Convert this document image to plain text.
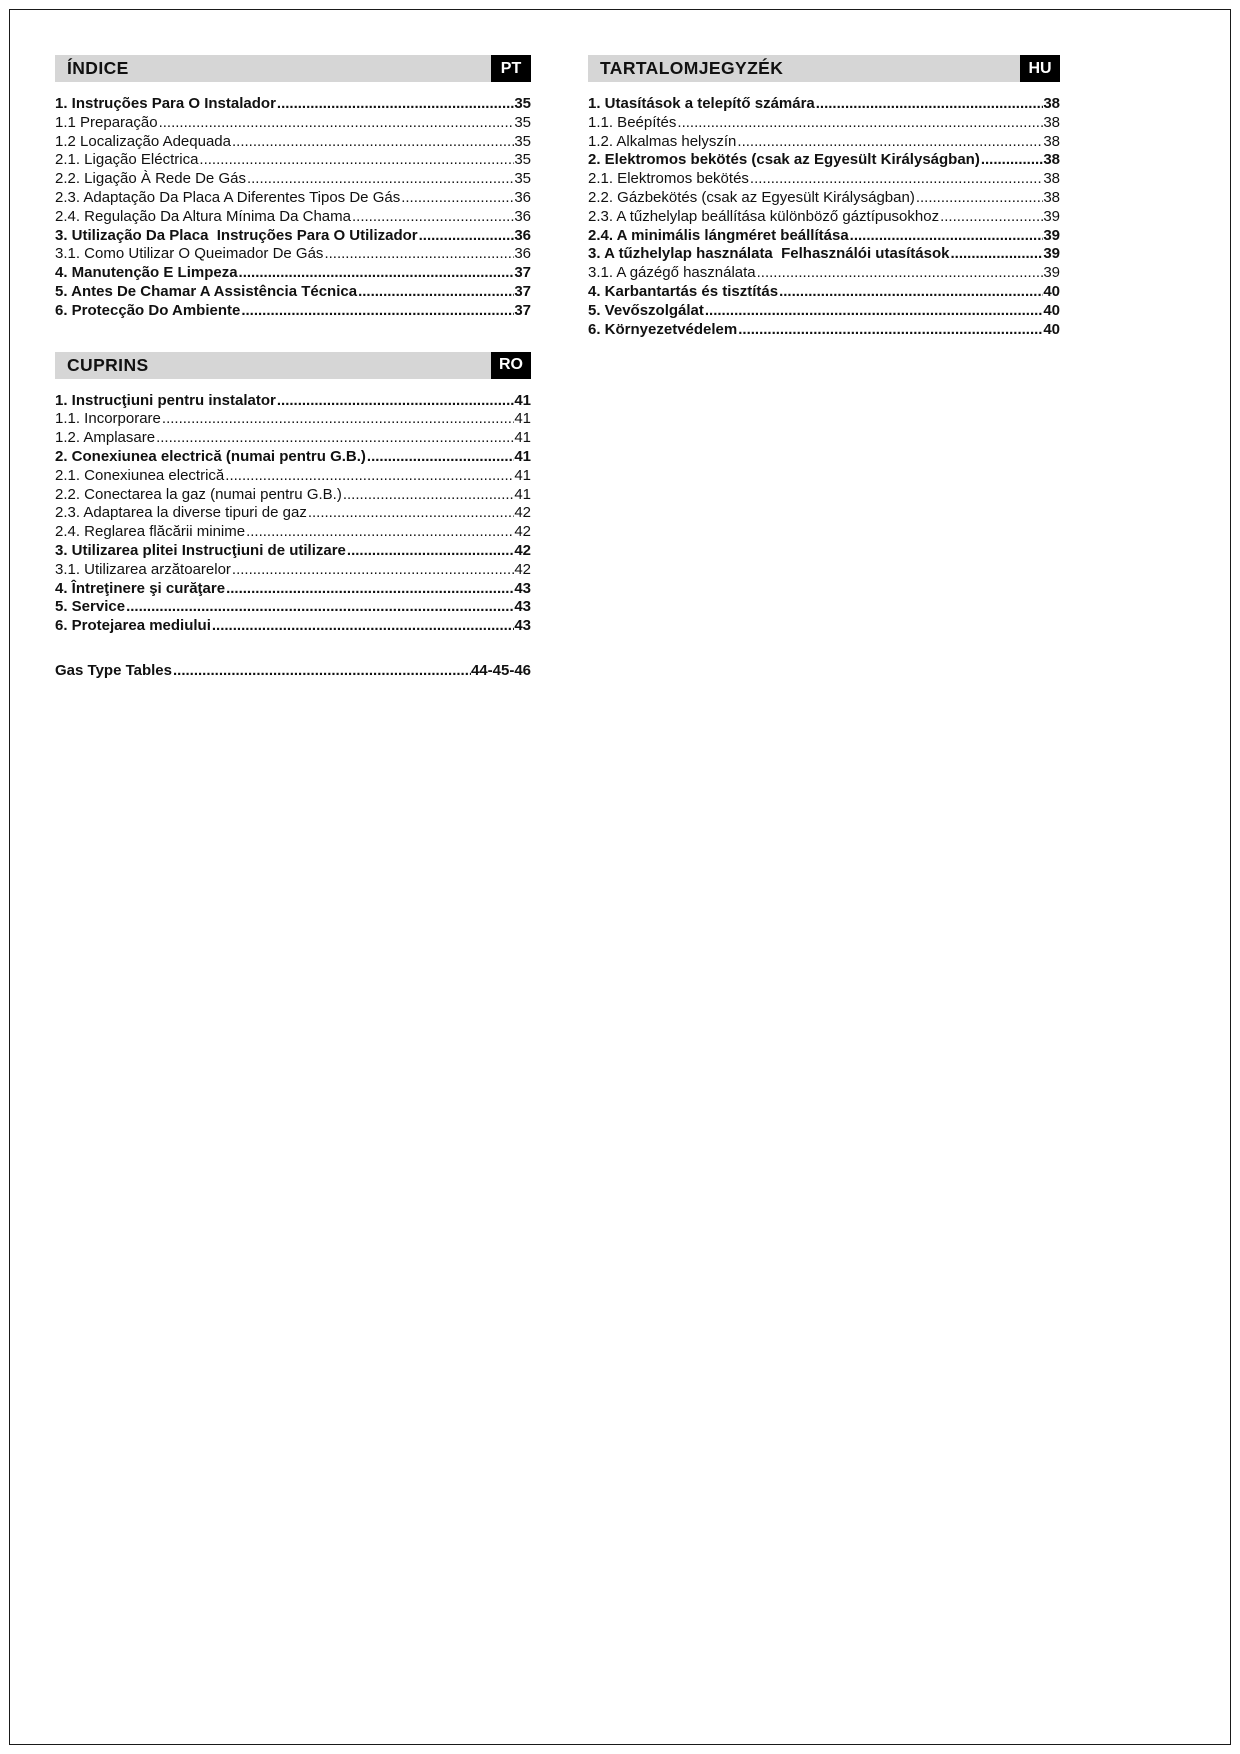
ÍNDICE	PT
1. Instruções Para O Instalador .....	35
1.1 Preparação .....	35
1.2 Localização Adequada .....	35
2.1. Ligação Eléctrica .....	35
2.2. Ligação À Rede De Gás .....	35
2.3. Adaptação Da Placa A Diferentes Tipos De Gás .....	36
2.4. Regulação Da Altura Mínima Da Chama .....	36
3. Utilização Da Placa  Instruções Para O Utilizador .....	36
3.1. Como Utilizar O Queimador De Gás .....	36
4. Manutenção E Limpeza .....	37
5. Antes De Chamar A Assistência Técnica .....	37
6. Protecção Do Ambiente .....	37
CUPRINS	RO
1. Instrucţiuni pentru instalator .....	41
1.1. Incorporare .....	41
1.2. Amplasare .....	41
2. Conexiunea electrică (numai pentru G.B.) .....	41
2.1. Conexiunea electrică .....	41
2.2. Conectarea la gaz (numai pentru G.B.) .....	41
2.3. Adaptarea la diverse tipuri de gaz .....	42
2.4. Reglarea flăcării minime .....	42
3. Utilizarea plitei Instrucţiuni de utilizare .....	42
3.1. Utilizarea arzătoarelor .....	42
4. Întreţinere şi curăţare .....	43
5. Service .....	43
6. Protejarea mediului .....	43
Gas Type Tables .....	44-45-46
TARTALOMJEGYZÉK	HU
1. Utasítások a telepítő számára .....	38
1.1. Beépítés .....	38
1.2. Alkalmas helyszín .....	38
2. Elektromos bekötés (csak az Egyesült Királyságban) .....	38
2.1. Elektromos bekötés .....	38
2.2. Gázbekötés (csak az Egyesült Királyságban) .....	38
2.3. A tűzhelylap beállítása különböző gáztípusokhoz .....	39
2.4. A minimális lángméret beállítása .....	39
3. A tűzhelylap használata  Felhasználói utasítások .....	39
3.1. A gázégő használata .....	39
4. Karbantartás és tisztítás .....	40
5. Vevőszolgálat .....	40
6. Környezetvédelem .....	40
